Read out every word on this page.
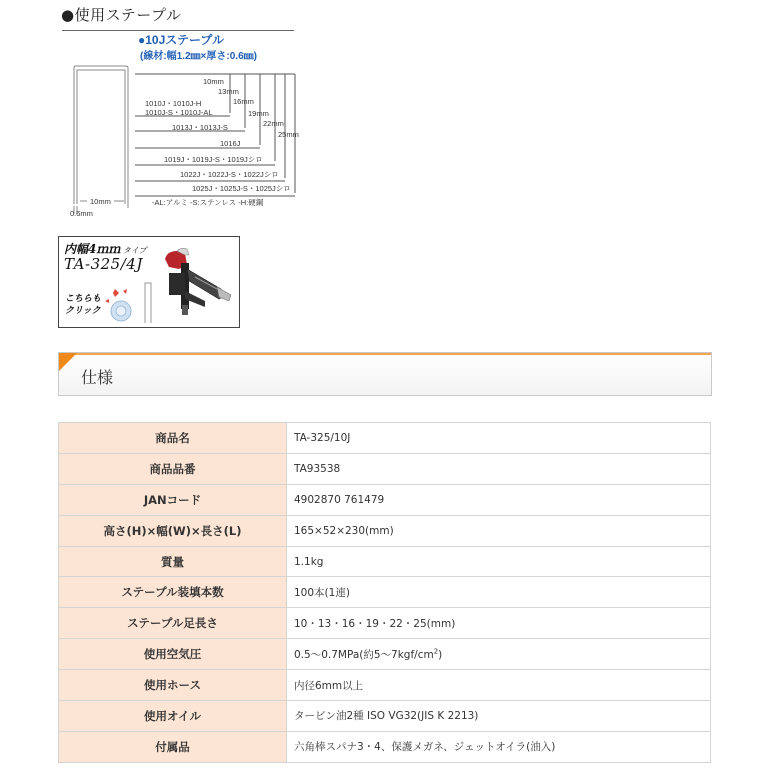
●使用ステープル
●10Jステープル
(線材:幅1.2㎜×厚さ:0.6㎜)
10mm
13mm
16mm
19mm
22mm
25mm
1010J・1010J-H
1010J-S・1010J-AL
1013J・1013J-S
1016J
1019J・1019J-S・1019Jシロ
1022J・1022J-S・1022Jシロ
1025J・1025J-S・1025Jシロ
10mm
0.6mm
-AL:アルミ -S:ステンレス -H:硬鋼
内幅4ｍｍ タイプ
TA-325/4J
こちらも
クリック
仕様
商品名	TA-325/10J
商品品番	TA93538
JANコード	4902870 761479
高さ(H)×幅(W)×長さ(L)	165×52×230(mm)
質量	1.1kg
ステープル装填本数	100本(1連)
ステープル足長さ	10・13・16・19・22・25(mm)
使用空気圧	0.5～0.7MPa(約$5\sim 7kgf/cm^2$)
使用ホース	内径6mm以上
使用オイル	タービン油2種 ISO VG32(JIS K 2213)
付属品	六角棒スパナ3・4、保護メガネ、ジェットオイラ(油入)
